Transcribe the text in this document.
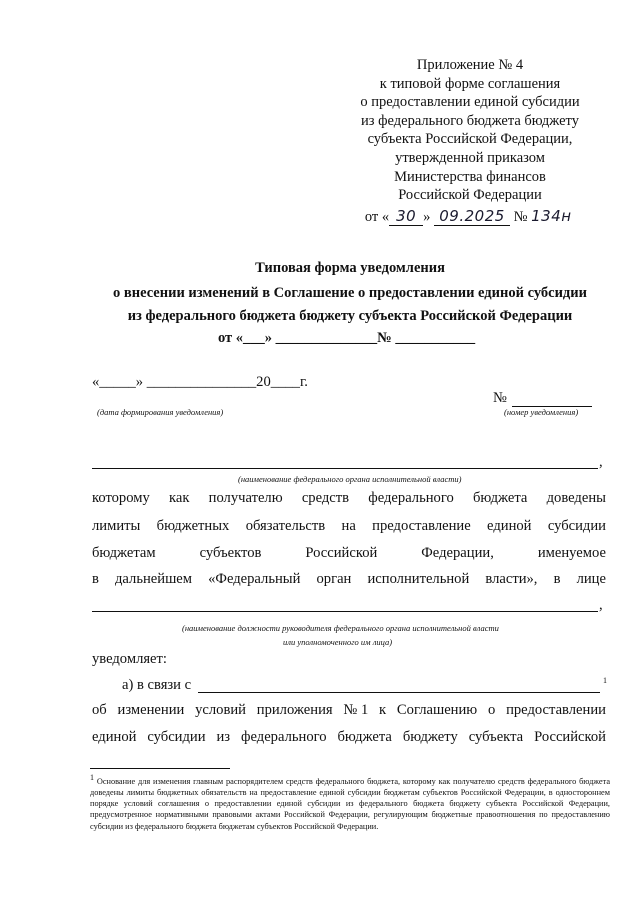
Приложение № 4
к типовой форме соглашения
о предоставлении единой субсидии
из федерального бюджета бюджету
субъекта Российской Федерации,
утвержденной приказом
Министерства финансов
Российской Федерации
от « 30 » 09.2025 № 134н
Типовая форма уведомления
о внесении изменений в Соглашение о предоставлении единой субсидии
из федерального бюджета бюджету субъекта Российской Федерации
от «___» ______________№ ___________
«_____» _______________20____г.
(дата формирования уведомления)
№
(номер уведомления)
,
(наименование федерального органа исполнительной власти)
которому как получателю средств федерального бюджета доведены
лимиты бюджетных обязательств на предоставление единой субсидии
бюджетам	субъектов	Российской	Федерации,	именуемое
в дальнейшем «Федеральный орган исполнительной власти», в лице
,
(наименование должности руководителя федерального органа исполнительной власти
или уполномоченного им лица)
уведомляет:
а) в связи с	1
об изменении условий приложения № 1 к Соглашению о предоставлении
единой субсидии из федерального бюджета бюджету субъекта Российской
1 Основание для изменения главным распорядителем средств федерального бюджета, которому как получателю средств федерального бюджета доведены лимиты бюджетных обязательств на предоставление единой субсидии бюджетам субъектов Российской Федерации, в одностороннем порядке условий соглашения о предоставлении единой субсидии из федерального бюджета бюджету субъекта Российской Федерации, предусмотренное нормативными правовыми актами Российской Федерации, регулирующим бюджетные правоотношения по предоставлению субсидии из федерального бюджета бюджетам субъектов Российской Федерации.
